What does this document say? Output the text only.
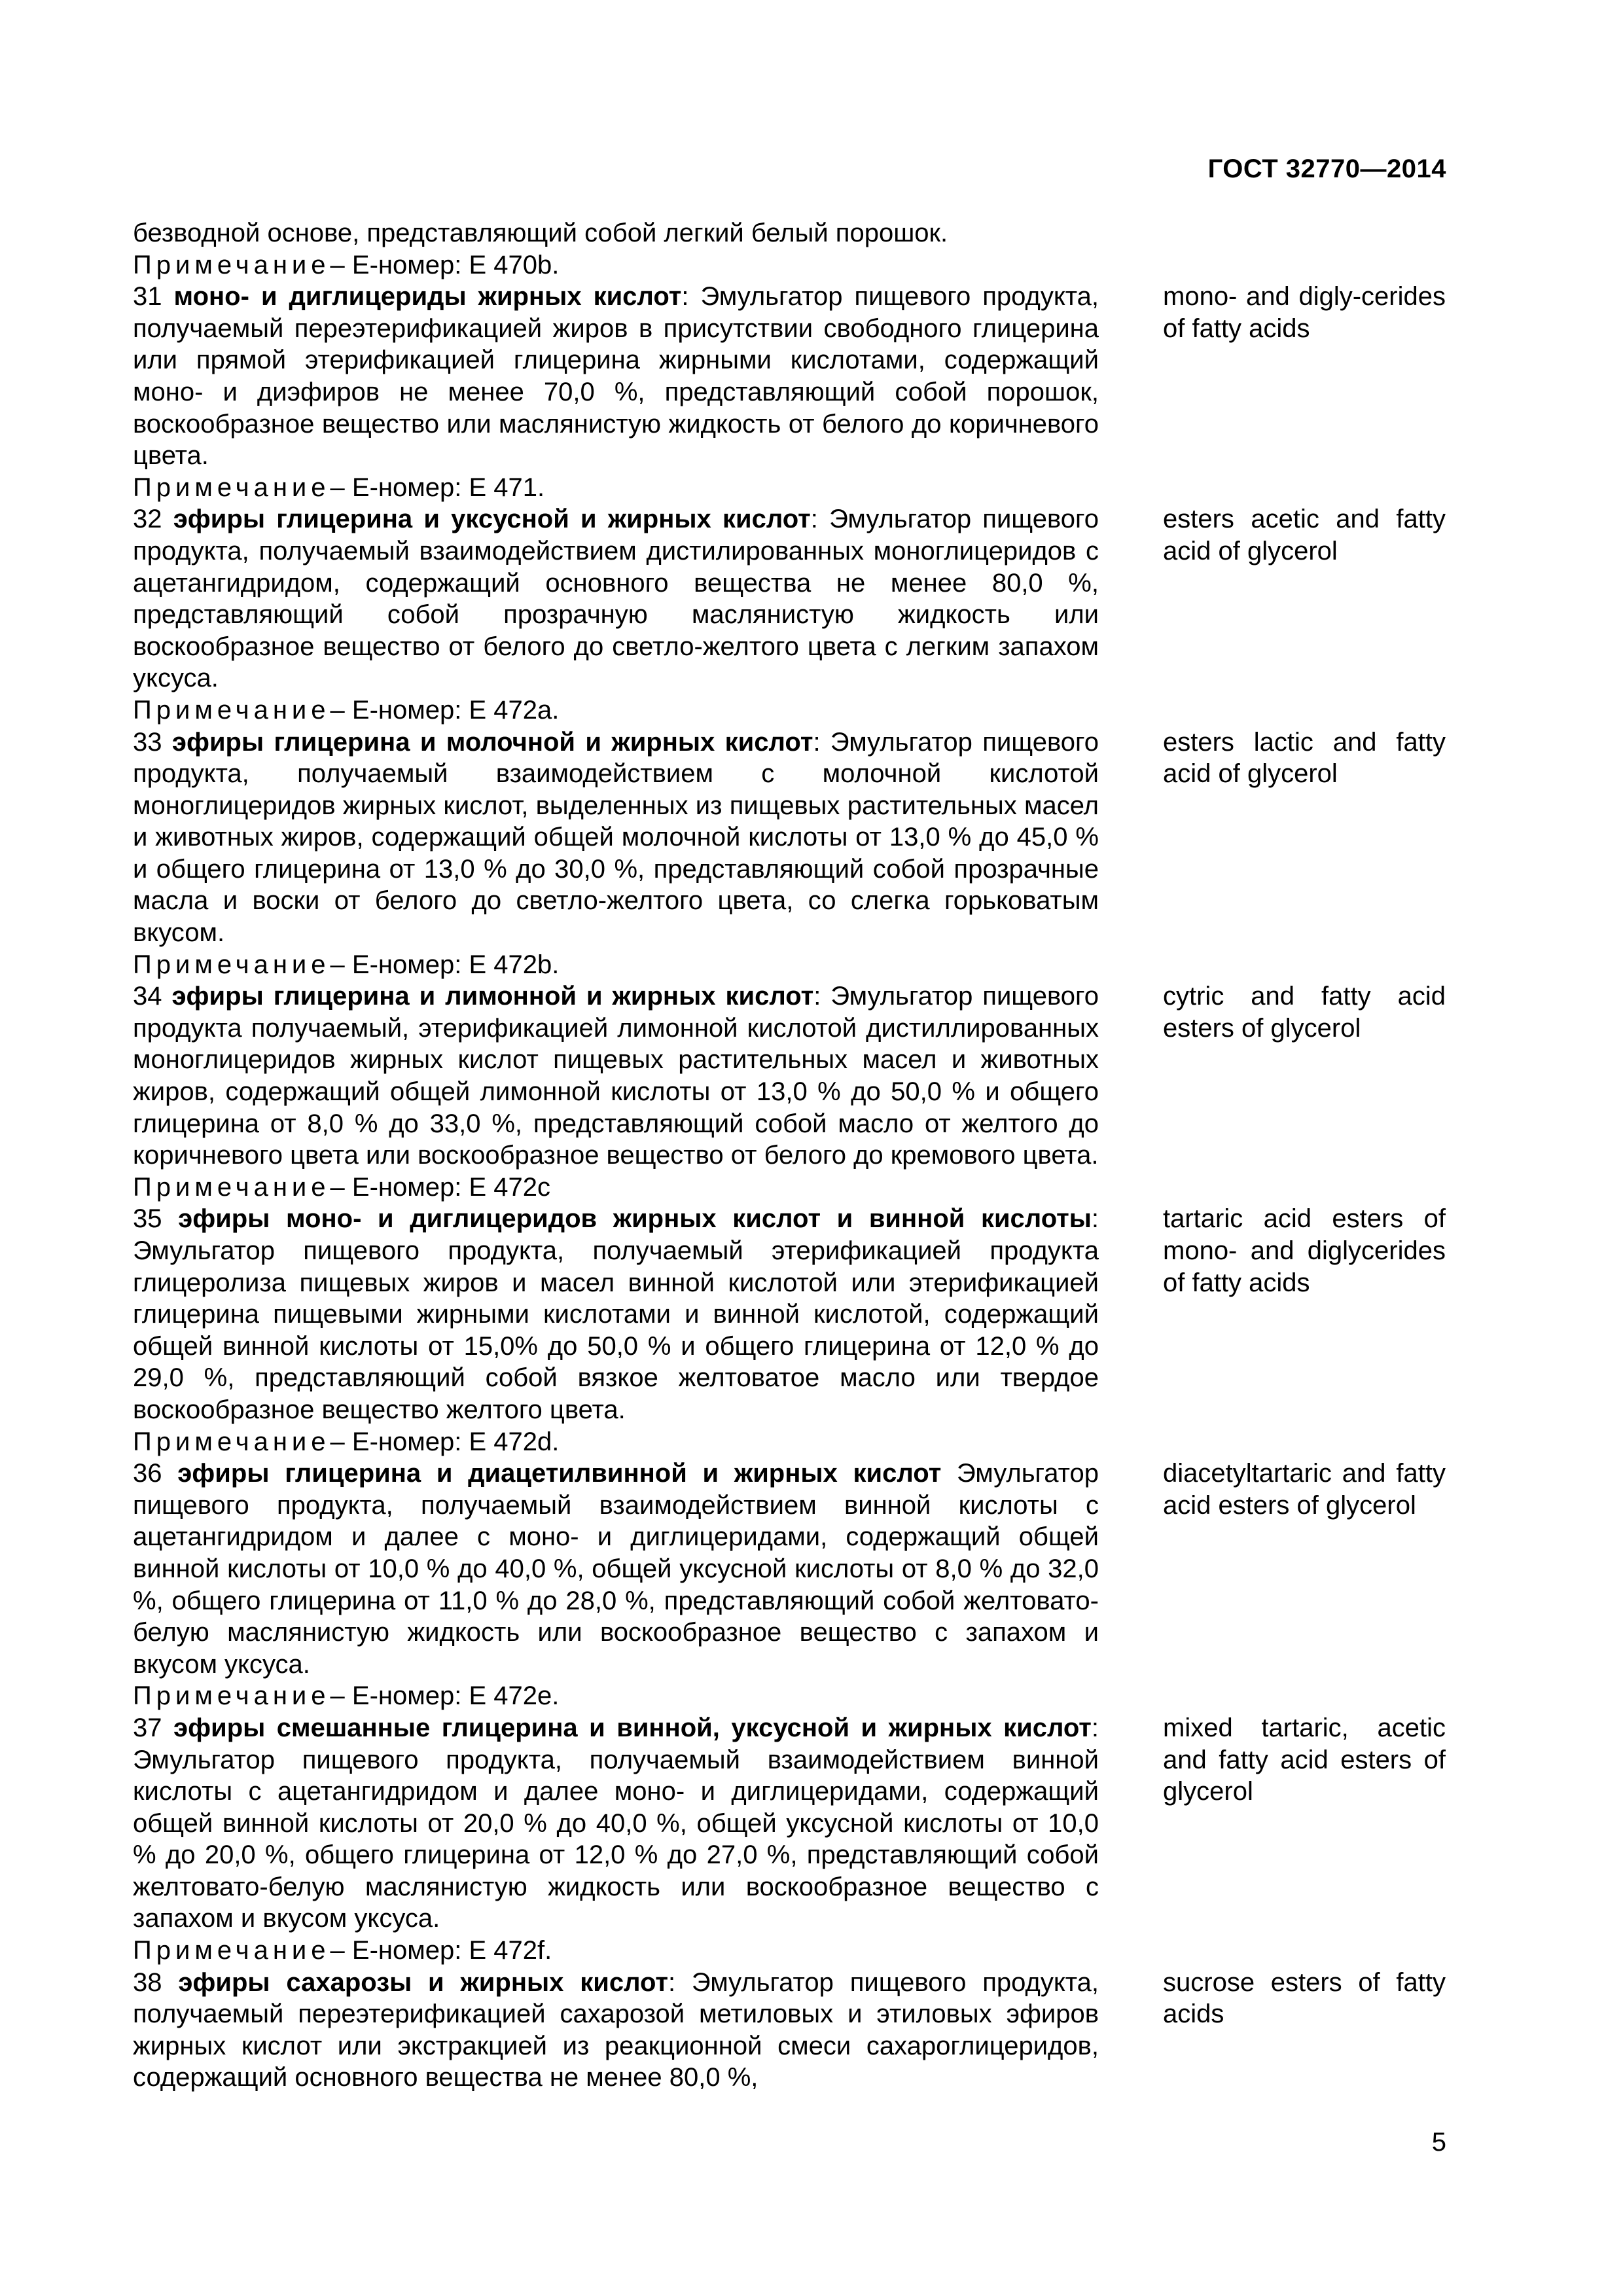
ГОСТ 32770—2014
безводной основе, представляющий собой легкий белый порошок.
Примечание– Е-номер: Е 470b.
31 моно- и диглицериды жирных кислот: Эмульгатор пищевого продукта, получаемый переэтерификацией жиров в присутствии свободного глицерина или прямой этерификацией глицерина жирными кислотами, содержащий моно- и диэфиров не менее 70,0 %, представляющий собой порошок, воскообразное вещество или маслянистую жидкость от белого до коричневого цвета.
mono- and digly-cerides of fatty acids
Примечание– Е-номер: Е 471.
32 эфиры глицерина и уксусной и жирных кислот: Эмульгатор пищевого продукта, получаемый взаимодействием дистилированных моноглицеридов с ацетангидридом, содержащий основного вещества не менее 80,0 %, представляющий собой прозрачную маслянистую жидкость или воскообразное вещество от белого до светло-желтого цвета с легким запахом уксуса.
esters acetic and fatty acid of glycerol
Примечание– Е-номер: Е 472а.
33 эфиры глицерина и молочной и жирных кислот: Эмульгатор пищевого продукта, получаемый взаимодействием с молочной кислотой моноглицеридов жирных кислот, выделенных из пищевых растительных масел и животных жиров, содержащий общей молочной кислоты от 13,0 % до 45,0 % и общего глицерина от 13,0 % до 30,0 %, представляющий собой прозрачные масла и воски от белого до светло-желтого цвета, со слегка горьковатым вкусом.
esters lactic and fatty acid of glycerol
Примечание– Е-номер: Е 472b.
34 эфиры глицерина и лимонной и жирных кислот: Эмульгатор пищевого продукта получаемый, этерификацией лимонной кислотой дистиллированных моноглицеридов жирных кислот пищевых растительных масел и животных жиров, содержащий общей лимонной кислоты от 13,0 % до 50,0 % и общего глицерина от 8,0 % до 33,0 %, представляющий собой масло от желтого до коричневого цвета или воскообразное вещество от белого до кремового цвета.
cytric and fatty acid esters of glycerol
Примечание– Е-номер: Е 472с
35 эфиры моно- и диглицеридов жирных кислот и винной кислоты: Эмульгатор пищевого продукта, получаемый этерификацией продукта глицеролиза пищевых жиров и масел винной кислотой или этерификацией глицерина пищевыми жирными кислотами и винной кислотой, содержащий общей винной кислоты от 15,0% до 50,0 % и общего глицерина от 12,0 % до 29,0 %, представляющий собой вязкое желтоватое масло или твердое воскообразное вещество желтого цвета.
tartaric acid esters of mono- and diglycerides of fatty acids
Примечание– Е-номер: Е 472d.
36 эфиры глицерина и диацетилвинной и жирных кислот Эмульгатор пищевого продукта, получаемый взаимодействием винной кислоты с ацетангидридом и далее с моно- и диглицеридами, содержащий общей винной кислоты от 10,0 % до 40,0 %, общей уксусной кислоты от 8,0 % до 32,0 %, общего глицерина от 11,0 % до 28,0 %, представляющий собой желтовато-белую маслянистую жидкость или воскообразное вещество с запахом и вкусом уксуса.
diacetyltartaric and fatty acid esters of glycerol
Примечание– Е-номер: Е 472е.
37 эфиры смешанные глицерина и винной, уксусной и жирных кислот: Эмульгатор пищевого продукта, получаемый взаимодействием винной кислоты с ацетангидридом и далее моно- и диглицеридами, содержащий общей винной кислоты от 20,0 % до 40,0 %, общей уксусной кислоты от 10,0 % до 20,0 %, общего глицерина от 12,0 % до 27,0 %, представляющий собой желтовато-белую маслянистую жидкость или воскообразное вещество с запахом и вкусом уксуса.
mixed tartaric, acetic and fatty acid esters of glycerol
Примечание– Е-номер: Е 472f.
38 эфиры сахарозы и жирных кислот: Эмульгатор пищевого продукта, получаемый переэтерификацией сахарозой метиловых и этиловых эфиров жирных кислот или экстракцией из реакционной смеси сахароглицеридов, содержащий основного вещества не менее 80,0 %,
sucrose esters of fatty acids
5
